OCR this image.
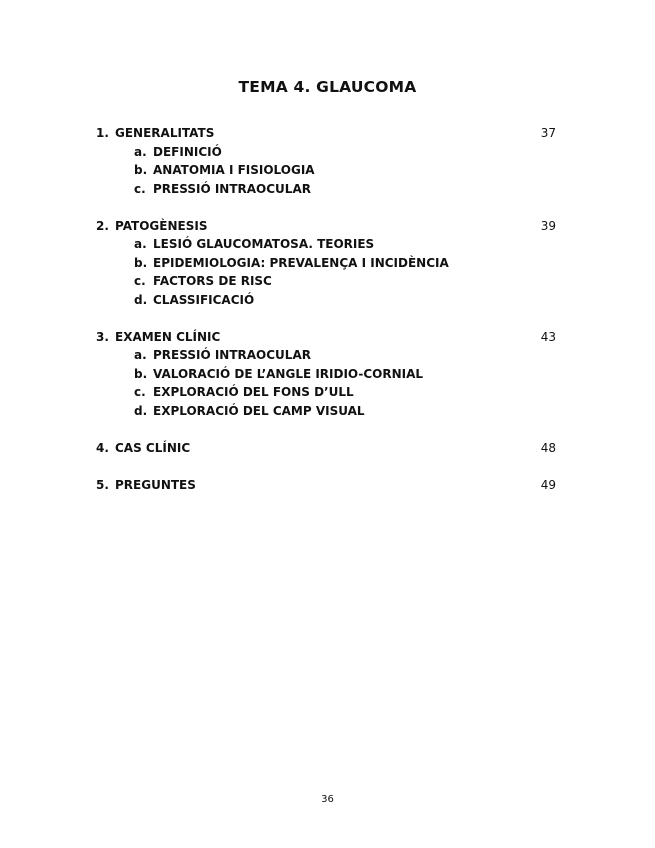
TEMA 4. GLAUCOMA
1. GENERALITATS	37
a. DEFINICIÓ
b. ANATOMIA I FISIOLOGIA
c. PRESSIÓ INTRAOCULAR
2. PATOGÈNESIS	39
a. LESIÓ GLAUCOMATOSA. TEORIES
b. EPIDEMIOLOGIA: PREVALENÇA I INCIDÈNCIA
c. FACTORS DE RISC
d. CLASSIFICACIÓ
3. EXAMEN CLÍNIC	43
a. PRESSIÓ INTRAOCULAR
b. VALORACIÓ DE L’ANGLE IRIDIO-CORNIAL
c. EXPLORACIÓ DEL FONS D’ULL
d. EXPLORACIÓ DEL CAMP VISUAL
4. CAS CLÍNIC	48
5. PREGUNTES	49
36
